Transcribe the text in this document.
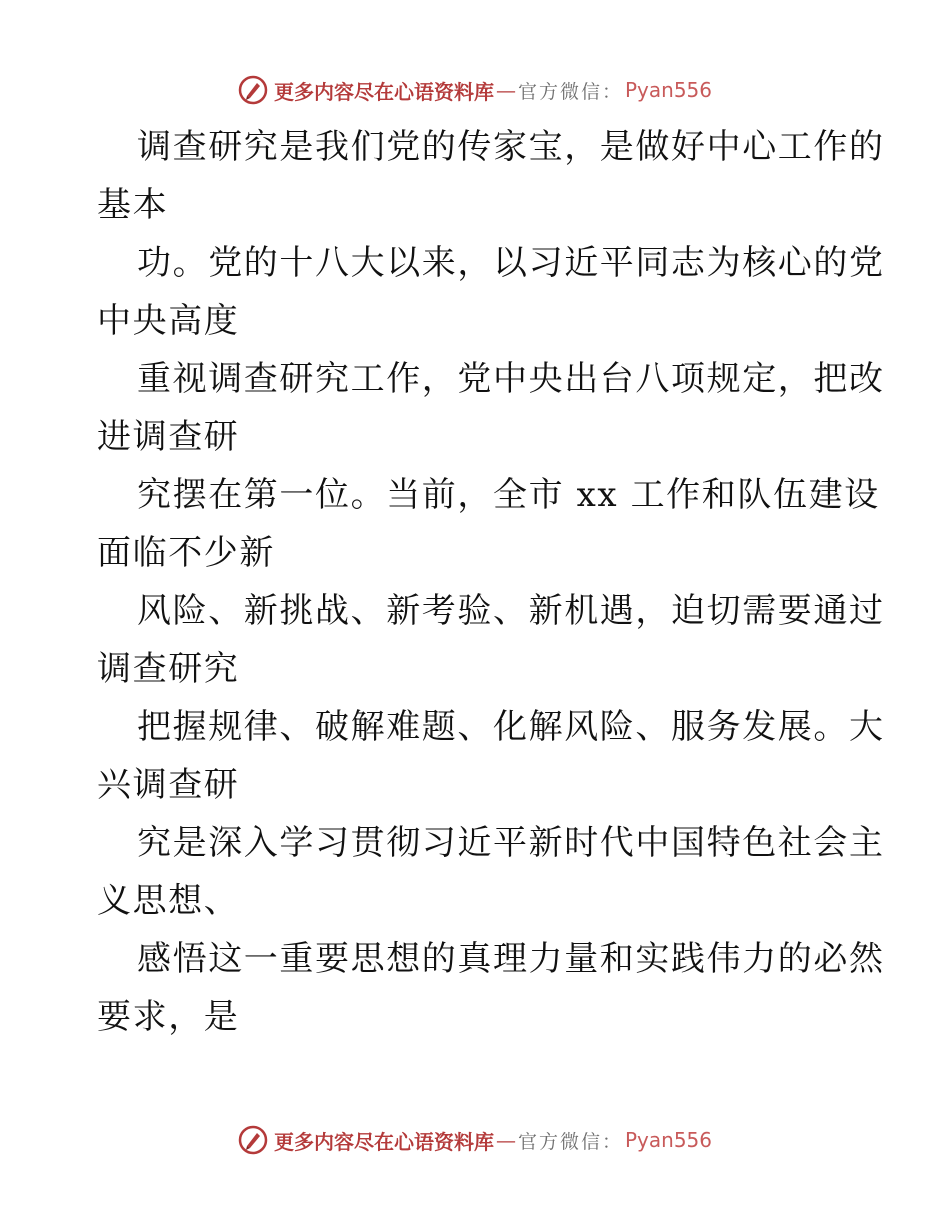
更多内容尽在心语资料库 — 官方微信： Pyan556

调查研究是我们党的传家宝，是做好中心工作的
基本

功。党的十八大以来，以习近平同志为核心的党
中央高度

重视调查研究工作，党中央出台八项规定，把改
进调查研

究摆在第一位。当前，全市 xx 工作和队伍建设
面临不少新

风险、新挑战、新考验、新机遇，迫切需要通过
调查研究

把握规律、破解难题、化解风险、服务发展。大
兴调查研

究是深入学习贯彻习近平新时代中国特色社会主
义思想、

感悟这一重要思想的真理力量和实践伟力的必然
要求，是

更多内容尽在心语资料库 — 官方微信： Pyan556
